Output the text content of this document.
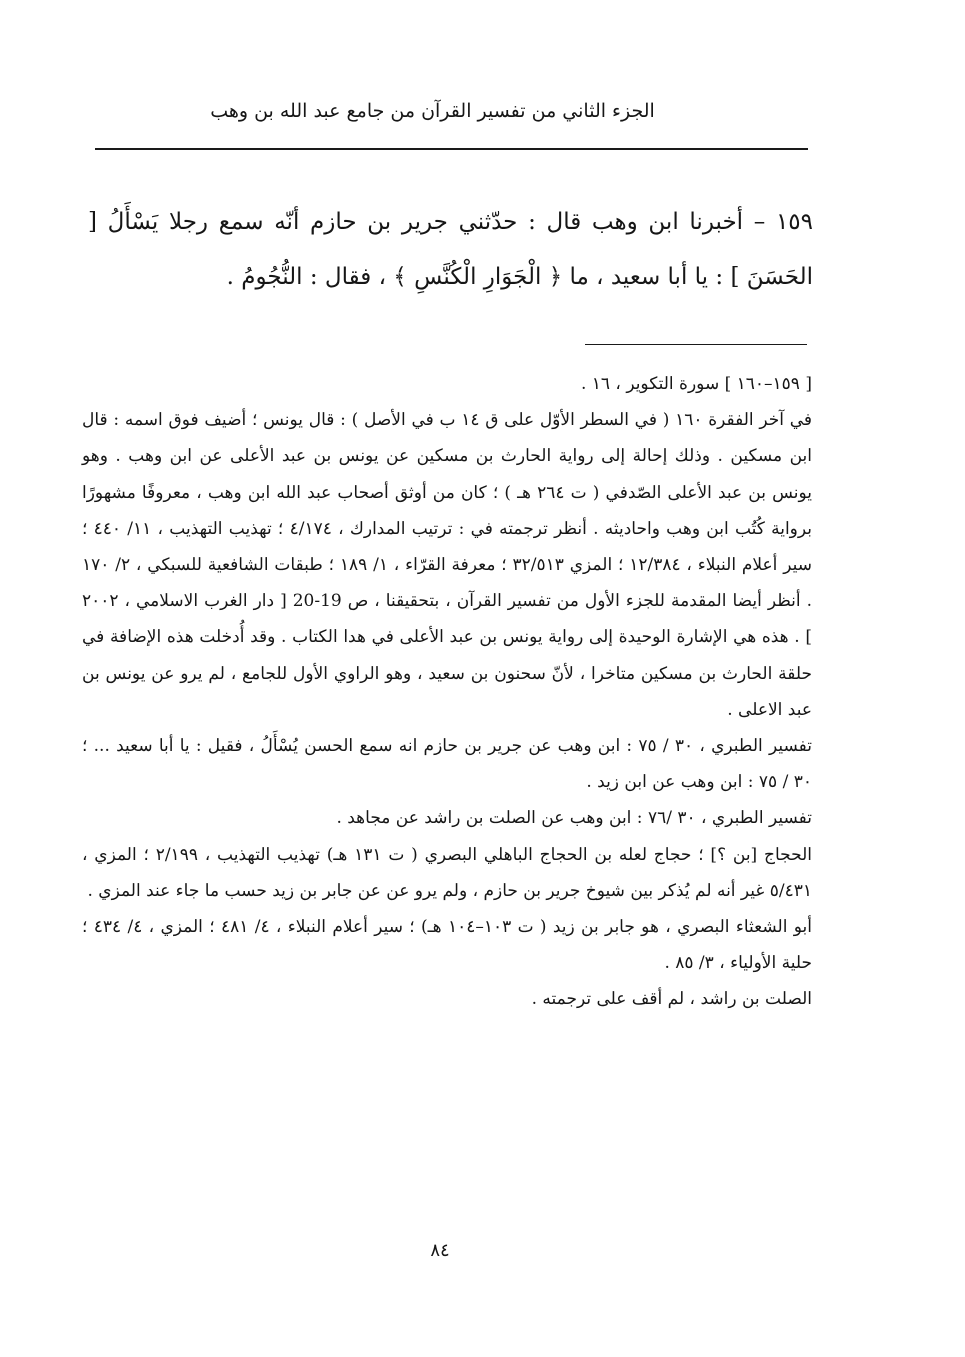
الجزء الثاني من تفسير القرآن من جامع عبد الله بن وهب

١٥٩ – أخبرنا ابن وهب قال : حدّثني جرير بن حازم أنّه سمع رجلا يَسْأَلُ [ الحَسَنَ ] : يا أبا سعيد ، ما ﴿ الْجَوَارِ الْكُنَّسِ ﴾ ، فقال : النُّجُومُ .

[ ١٥٩–١٦٠ ] سورة التكوير ، ١٦ .

في آخر الفقرة ١٦٠ ( في السطر الأوّل على ق ١٤ ب في الأصل ) : قال يونس ؛ أضيف فوق اسمه : قال ابن مسكين . وذلك إحالة إلى رواية الحارث بن مسكين عن يونس بن عبد الأعلى عن ابن وهب . وهو يونس بن عبد الأعلى الصّدفي ( ت ٢٦٤ هـ ) ؛ كان من أوثق أصحاب عبد الله ابن وهب ، معروفًا مشهورًا برواية كُتُب ابن وهب واحاديثه . أنظر ترجمته في : ترتيب المدارك ، ٤/١٧٤ ؛ تهذيب التهذيب ، ١١/ ٤٤٠ ؛ سير أعلام النبلاء ، ١٢/٣٨٤ ؛ المزي ٣٢/٥١٣ ؛ معرفة القرّاء ، ١/ ١٨٩ ؛ طبقات الشافعية للسبكي ، ٢/ ١٧٠ . أنظر أيضا المقدمة للجزء الأول من تفسير القرآن ، بتحقيقنا ، ص 19-20 [ دار الغرب الاسلامي ، ٢٠٠٢ ] . هذه هي الإشارة الوحيدة إلى رواية يونس بن عبد الأعلى في هدا الكتاب . وقد أُدخلت هذه الإضافة في حلقة الحارث بن مسكين متاخرا ، لأنّ سحنون بن سعيد ، وهو الراوي الأول للجامع ، لم يرو عن يونس بن عبد الاعلى .

تفسير الطبري ، ٣٠ / ٧٥ : ابن وهب عن جرير بن حازم انه سمع الحسن يُسْأَلُ ، فقيل : يا أبا سعيد ... ؛ ٣٠ / ٧٥ : ابن وهب عن ابن زيد .

تفسير الطبري ، ٣٠ /٧٦ : ابن وهب عن الصلت بن راشد عن مجاهد .

الحجاج [بن ؟] ؛ حجاج لعله بن الحجاج الباهلي البصري ( ت ١٣١ هـ) تهذيب التهذيب ، ٢/١٩٩ ؛ المزي ، ٥/٤٣١ غير أنه لم يُذكر بين شيوخ جرير بن حازم ، ولم يرو عن عن جابر بن زيد حسب ما جاء عند المزي .

أبو الشعثاء البصري ، هو جابر بن زيد ( ت ١٠٣–١٠٤ هـ) ؛ سير أعلام النبلاء ، ٤/ ٤٨١ ؛ المزي ، ٤/ ٤٣٤ ؛ حلية الأولياء ، ٣/ ٨٥ .

الصلت بن راشد ، لم أقف على ترجمته .

٨٤
